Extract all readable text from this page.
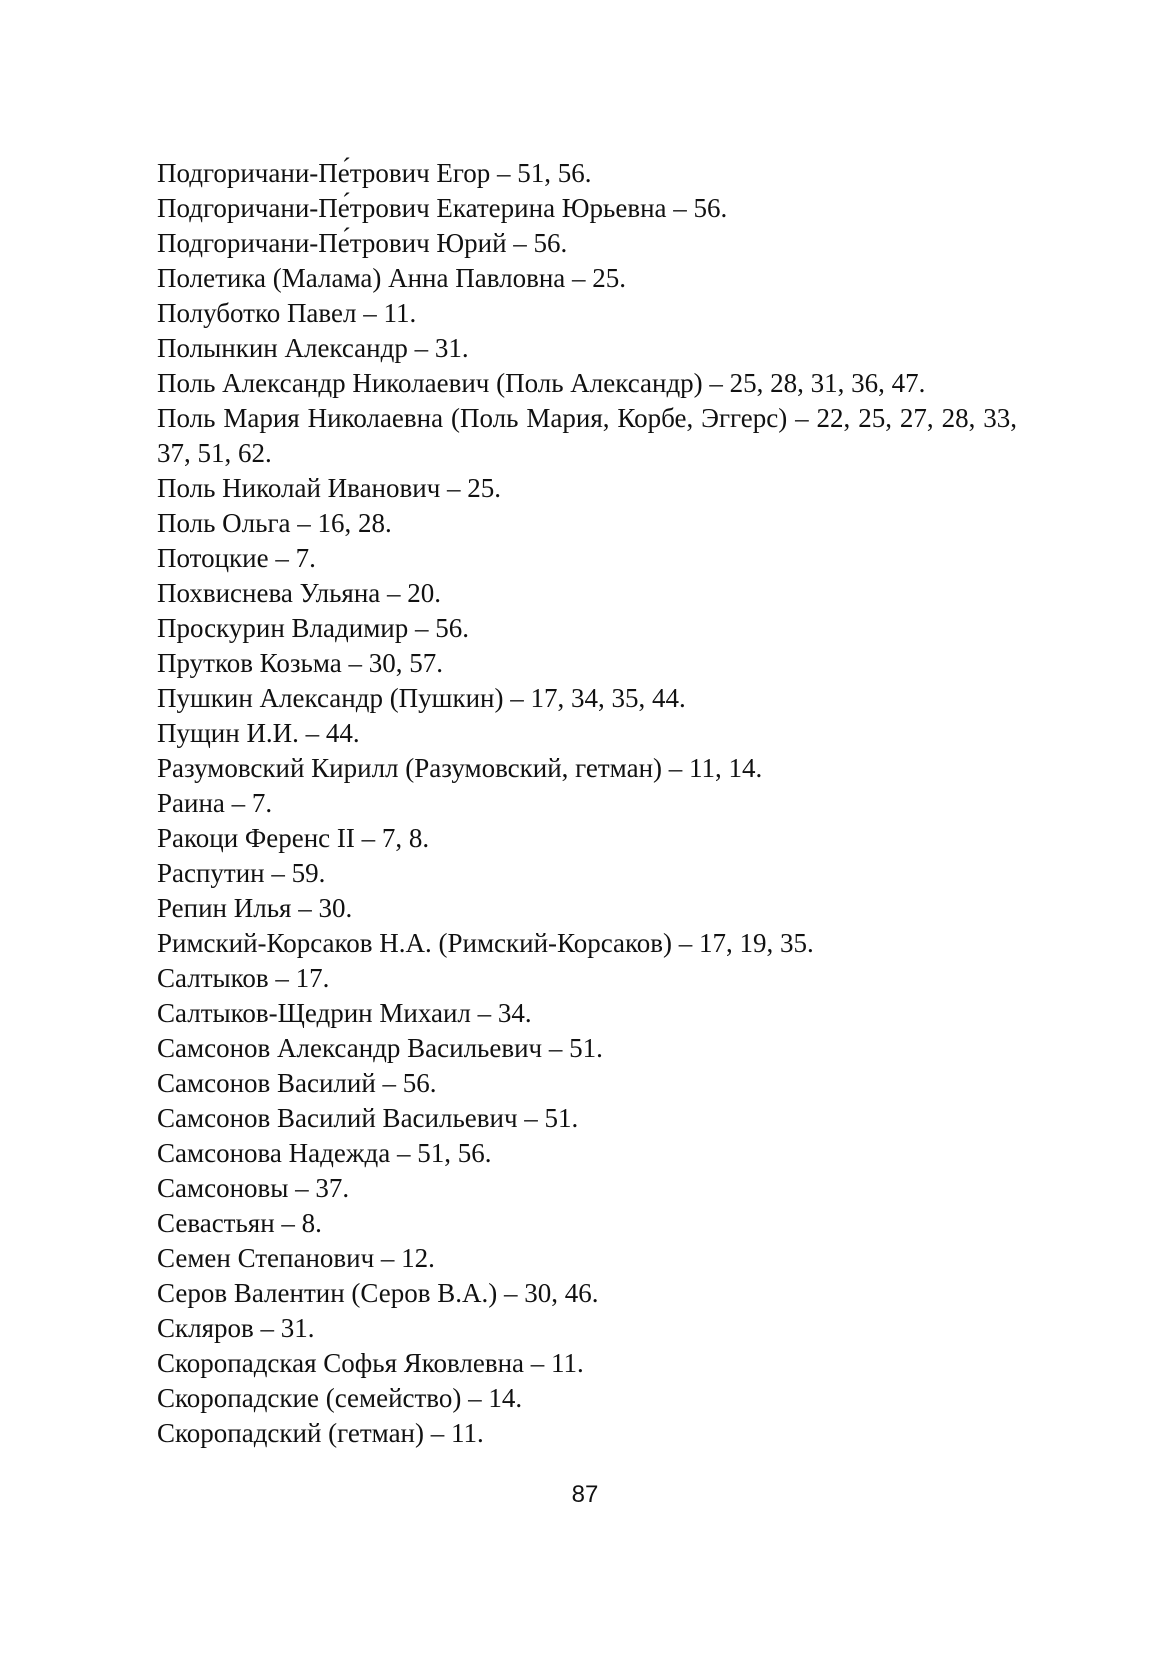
Подгоричани-Пе́трович Егор – 51, 56.
Подгоричани-Пе́трович Екатерина Юрьевна – 56.
Подгоричани-Пе́трович Юрий – 56.
Полетика (Малама) Анна Павловна – 25.
Полуботко Павел – 11.
Полынкин Александр – 31.
Поль Александр Николаевич (Поль Александр) – 25, 28, 31, 36, 47.
Поль Мария Николаевна (Поль Мария, Корбе, Эггерс) – 22, 25, 27, 28, 33, 37, 51, 62.
Поль Николай Иванович – 25.
Поль Ольга – 16, 28.
Потоцкие – 7.
Похвиснева Ульяна – 20.
Проскурин Владимир – 56.
Прутков Козьма – 30, 57.
Пушкин Александр (Пушкин) – 17, 34, 35, 44.
Пущин И.И. – 44.
Разумовский Кирилл (Разумовский, гетман) – 11, 14.
Раина – 7.
Ракоци Ференс II – 7, 8.
Распутин – 59.
Репин Илья – 30.
Римский-Корсаков Н.А. (Римский-Корсаков) – 17, 19, 35.
Салтыков – 17.
Салтыков-Щедрин Михаил – 34.
Самсонов Александр Васильевич – 51.
Самсонов Василий – 56.
Самсонов Василий Васильевич – 51.
Самсонова Надежда – 51, 56.
Самсоновы – 37.
Севастьян – 8.
Семен Степанович – 12.
Серов Валентин (Серов В.А.) – 30, 46.
Скляров – 31.
Скоропадская Софья Яковлевна – 11.
Скоропадские (семейство) – 14.
Скоропадский (гетман) – 11.
87
